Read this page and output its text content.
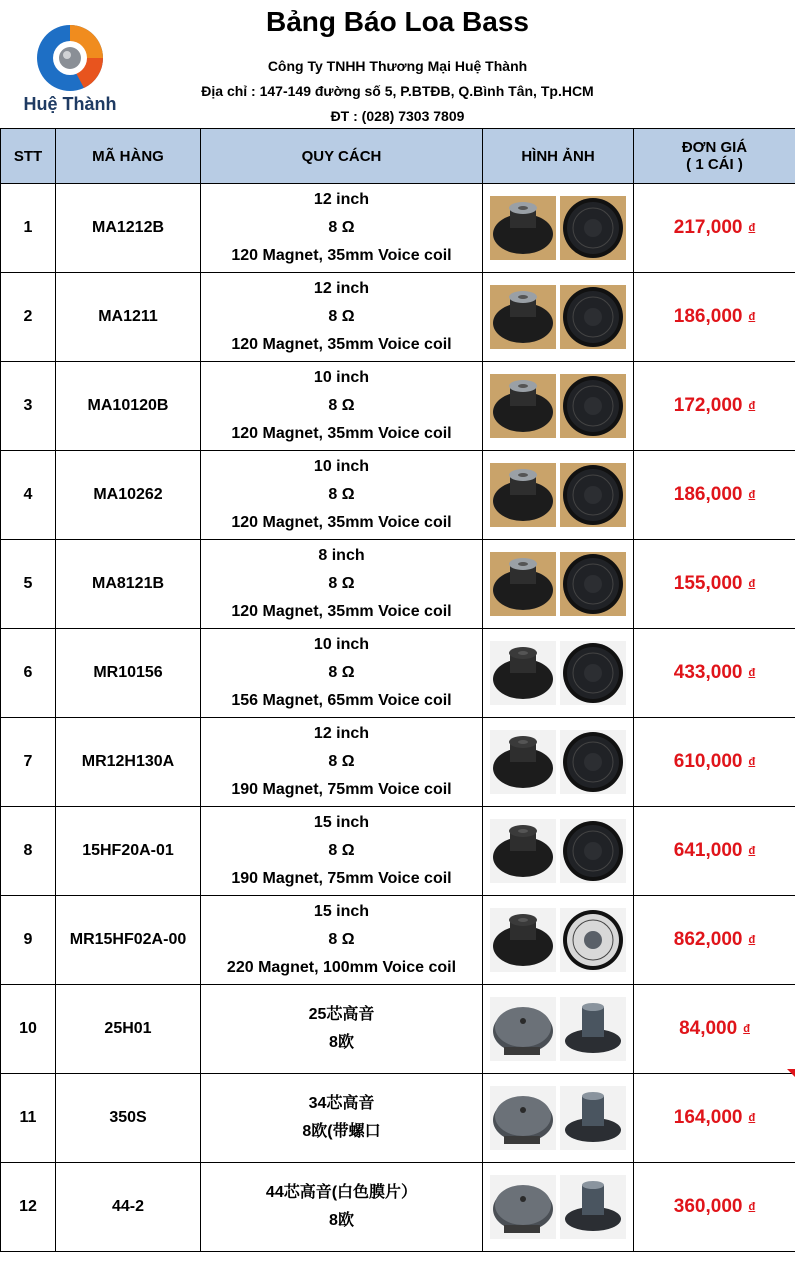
Huệ Thành
Bảng Báo Loa Bass
Công Ty TNHH Thương Mại Huệ Thành
Địa chỉ : 147-149 đường số 5, P.BTĐB, Q.Bình Tân, Tp.HCM
ĐT : (028) 7303 7809
STT	MÃ HÀNG	QUY CÁCH	HÌNH ẢNH	ĐƠN GIÁ
( 1 CÁI )

1	MA1212B	12 inch
8 Ω
120 Magnet, 35mm Voice coil		217,000 đ
2	MA1211	12 inch
8 Ω
120 Magnet, 35mm Voice coil		186,000 đ
3	MA10120B	10 inch
8 Ω
120 Magnet, 35mm Voice coil		172,000 đ
4	MA10262	10 inch
8 Ω
120 Magnet, 35mm Voice coil		186,000 đ
5	MA8121B	8 inch
8 Ω
120 Magnet, 35mm Voice coil		155,000 đ
6	MR10156	10 inch
8 Ω
156 Magnet, 65mm Voice coil		433,000 đ
7	MR12H130A	12 inch
8 Ω
190 Magnet, 75mm Voice coil		610,000 đ
8	15HF20A-01	15 inch
8 Ω
190 Magnet, 75mm Voice coil		641,000 đ
9	MR15HF02A-00	15 inch
8 Ω
220 Magnet, 100mm Voice coil		862,000 đ
10	25H01	25芯高音
8欧		84,000 đ
11	350S	34芯高音
8欧(带螺口		164,000 đ
12	44-2	44芯高音(白色膜片）
8欧		360,000 đ
